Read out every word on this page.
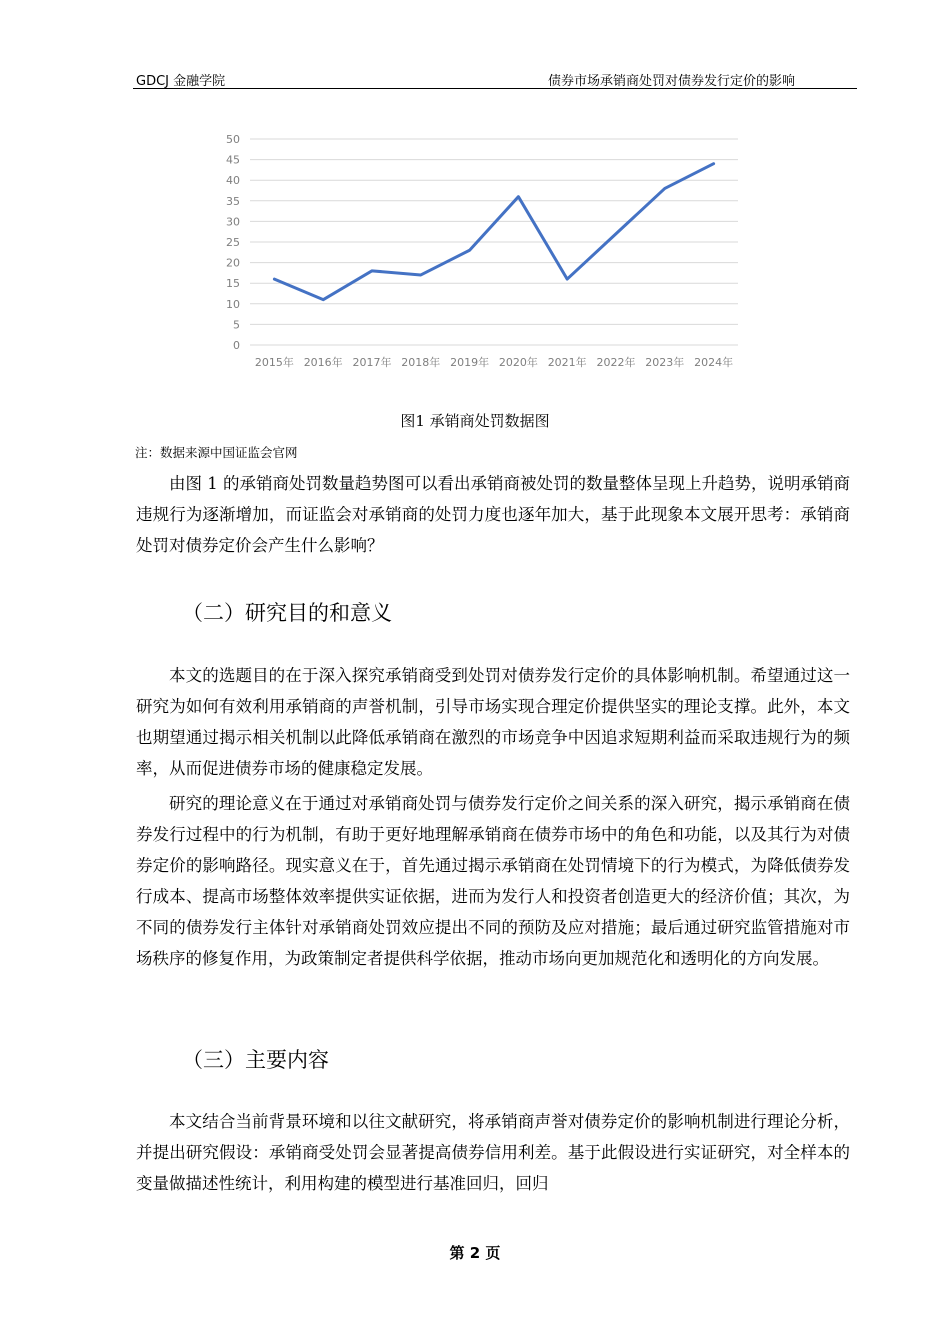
GDCJ 金融学院	债券市场承销商处罚对债券发行定价的影响
0
5
10
15
20
25
30
35
40
45
50
2015年 2016年 2017年 2018年 2019年 2020年 2021年 2022年 2023年 2024年
图1 承销商处罚数据图
注：数据来源中国证监会官网

由图 1 的承销商处罚数量趋势图可以看出承销商被处罚的数量整体呈现上升趋势，说明承销商违规行为逐渐增加，而证监会对承销商的处罚力度也逐年加大，基于此现象本文展开思考：承销商处罚对债券定价会产生什么影响？

（二）研究目的和意义

本文的选题目的在于深入探究承销商受到处罚对债券发行定价的具体影响机制。希望通过这一研究为如何有效利用承销商的声誉机制，引导市场实现合理定价提供坚实的理论支撑。此外，本文也期望通过揭示相关机制以此降低承销商在激烈的市场竞争中因追求短期利益而采取违规行为的频率，从而促进债券市场的健康稳定发展。

研究的理论意义在于通过对承销商处罚与债券发行定价之间关系的深入研究，揭示承销商在债券发行过程中的行为机制，有助于更好地理解承销商在债券市场中的角色和功能，以及其行为对债券定价的影响路径。现实意义在于，首先通过揭示承销商在处罚情境下的行为模式，为降低债券发行成本、提高市场整体效率提供实证依据，进而为发行人和投资者创造更大的经济价值；其次，为不同的债券发行主体针对承销商处罚效应提出不同的预防及应对措施；最后通过研究监管措施对市场秩序的修复作用，为政策制定者提供科学依据，推动市场向更加规范化和透明化的方向发展。

（三）主要内容

本文结合当前背景环境和以往文献研究，将承销商声誉对债券定价的影响机制进行理论分析，并提出研究假设：承销商受处罚会显著提高债券信用利差。基于此假设进行实证研究，对全样本的变量做描述性统计，利用构建的模型进行基准回归，回归

第 2 页
